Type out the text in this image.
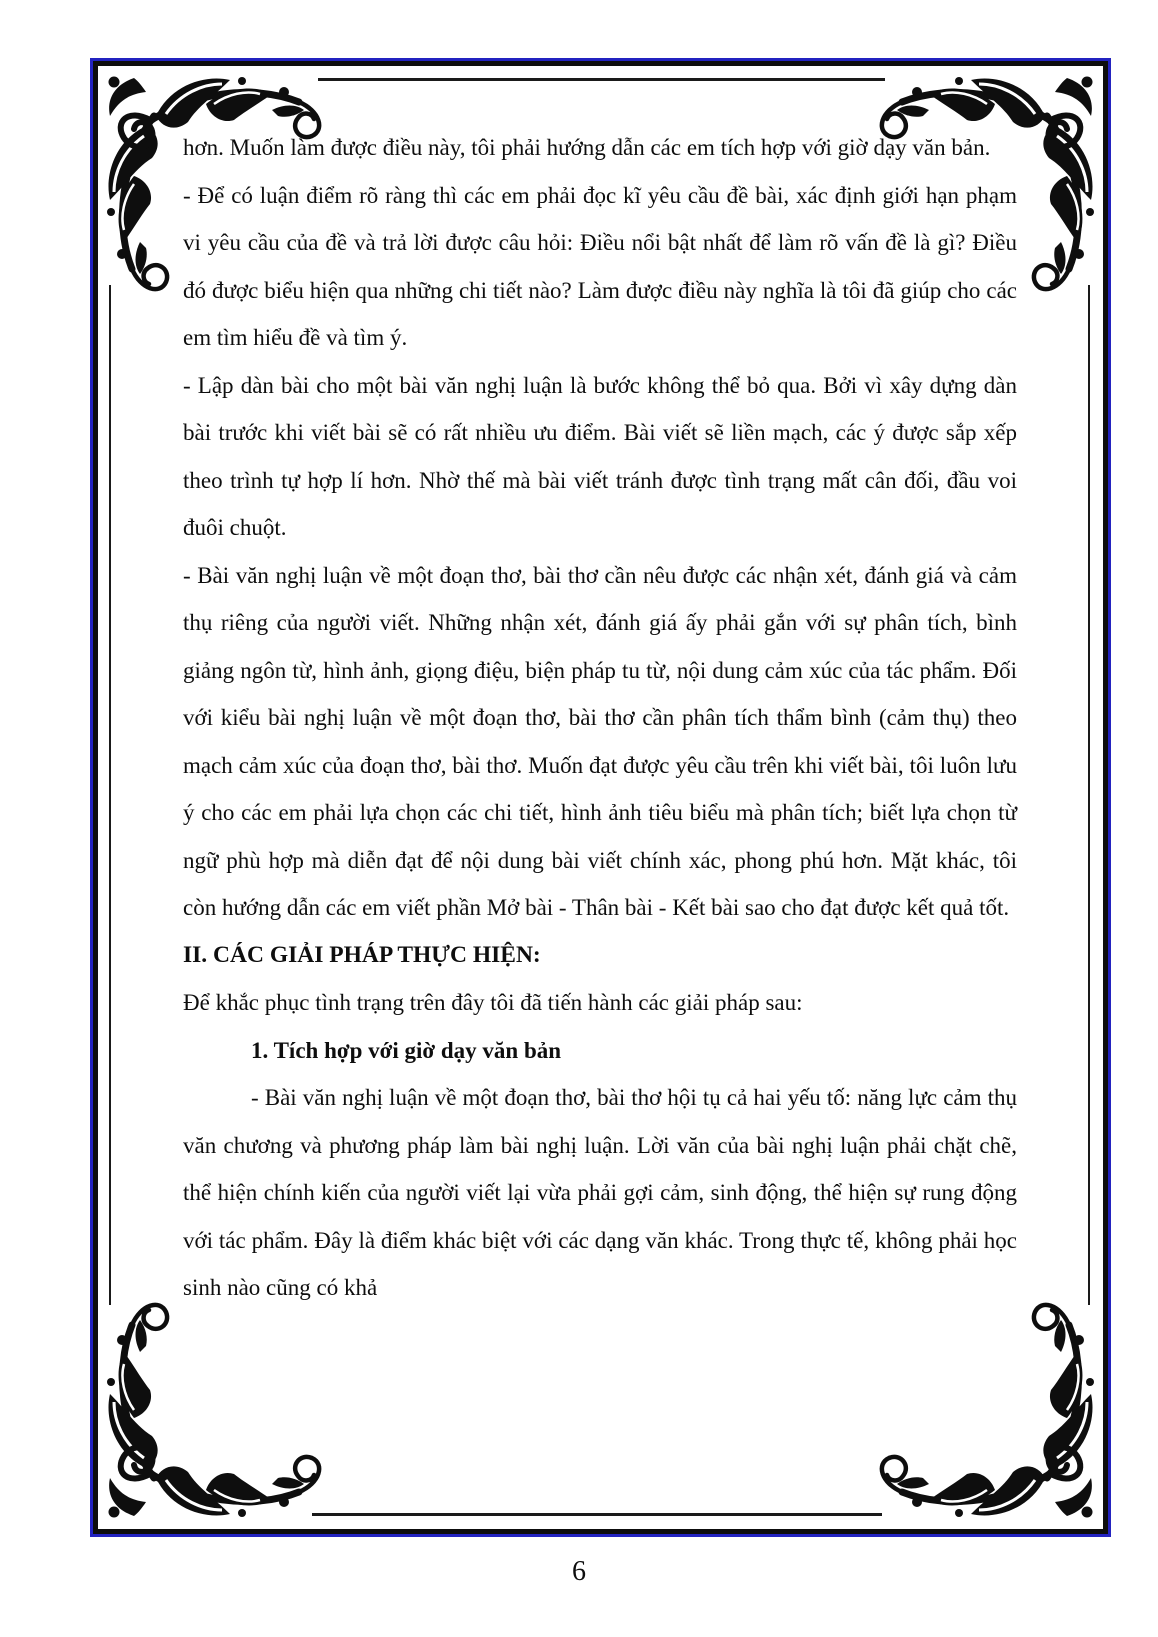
hơn. Muốn làm được điều này, tôi phải hướng dẫn các em tích hợp với giờ dạy văn bản.

- Để có luận điểm rõ ràng thì các em phải đọc kĩ yêu cầu đề bài, xác định giới hạn phạm vi yêu cầu của đề và trả lời được câu hỏi: Điều nổi bật nhất để làm rõ vấn đề là gì? Điều đó được biểu hiện qua những chi tiết nào? Làm được điều này nghĩa là tôi đã giúp cho các em tìm hiểu đề và tìm ý.

- Lập dàn bài cho một bài văn nghị luận là bước không thể bỏ qua. Bởi vì xây dựng dàn bài trước khi viết bài sẽ có rất nhiều ưu điểm. Bài viết sẽ liền mạch, các ý được sắp xếp theo trình tự hợp lí hơn. Nhờ thế mà bài viết tránh được tình trạng mất cân đối, đầu voi đuôi chuột.

- Bài văn nghị luận về một đoạn thơ, bài thơ cần nêu được các nhận xét, đánh giá và cảm thụ riêng của người viết. Những nhận xét, đánh giá ấy phải gắn với sự phân tích, bình giảng ngôn từ, hình ảnh, giọng điệu, biện pháp tu từ, nội dung cảm xúc của tác phẩm. Đối với kiểu bài nghị luận về một đoạn thơ, bài thơ cần phân tích thẩm bình (cảm thụ) theo mạch cảm xúc của đoạn thơ, bài thơ. Muốn đạt được yêu cầu trên khi viết bài, tôi luôn lưu ý cho các em phải lựa chọn các chi tiết, hình ảnh tiêu biểu mà phân tích; biết lựa chọn từ ngữ phù hợp mà diễn đạt để nội dung bài viết chính xác, phong phú hơn. Mặt khác, tôi còn hướng dẫn các em viết phần Mở bài - Thân bài - Kết bài sao cho đạt được kết quả tốt.

II. CÁC GIẢI PHÁP THỰC HIỆN:

Để khắc phục tình trạng trên đây tôi đã tiến hành các giải pháp sau:

1. Tích hợp với giờ dạy văn bản

- Bài văn nghị luận về một đoạn thơ, bài thơ hội tụ cả hai yếu tố: năng lực cảm thụ văn chương và phương pháp làm bài nghị luận. Lời văn của bài nghị luận phải chặt chẽ, thể hiện chính kiến của người viết lại vừa phải gợi cảm, sinh động, thể hiện sự rung động với tác phẩm. Đây là điểm khác biệt với các dạng văn khác. Trong thực tế, không phải học sinh nào cũng có khả

6
